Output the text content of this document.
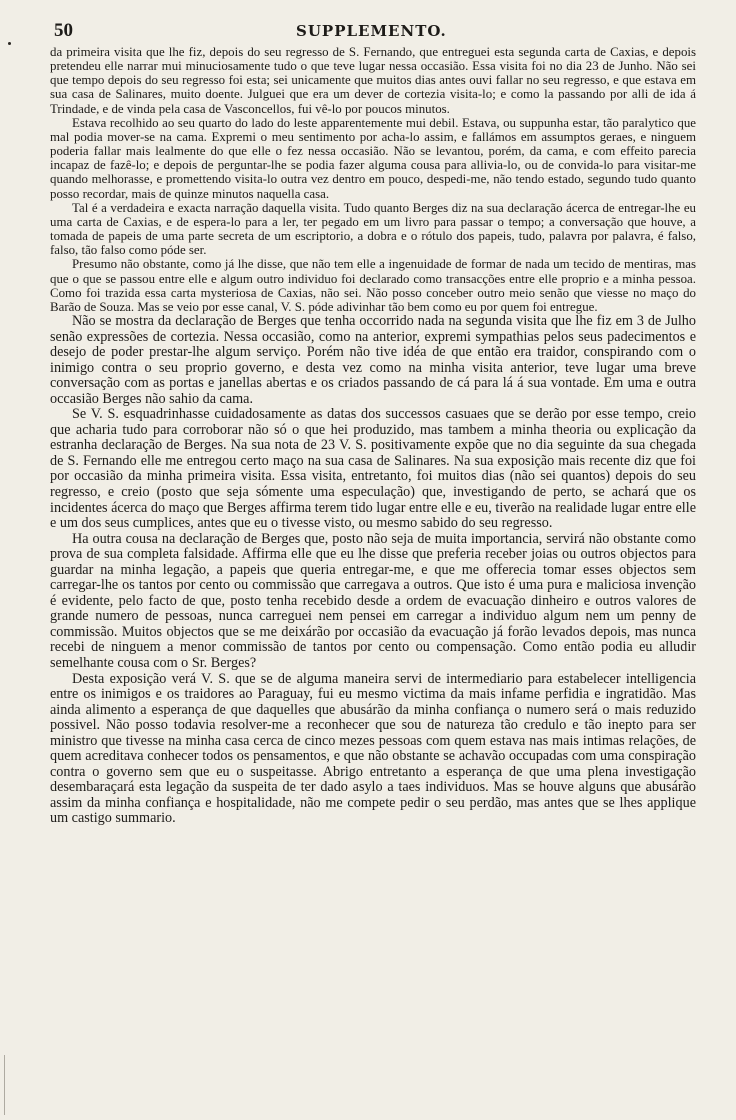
50	SUPPLEMENTO.

da primeira visita que lhe fiz, depois do seu regresso de S. Fernando, que entreguei esta segunda carta de Caxias, e depois pretendeu elle narrar mui minuciosamente tudo o que teve lugar nessa occasião. Essa visita foi no dia 23 de Junho. Não sei que tempo depois do seu regresso foi esta; sei unicamente que muitos dias antes ouvi fallar no seu regresso, e que estava em sua casa de Salinares, muito doente. Julguei que era um dever de cortezia visita-lo; e como la passando por alli de ida á Trindade, e de vinda pela casa de Vasconcellos, fui vê-lo por poucos minutos.

Estava recolhido ao seu quarto do lado do leste apparentemente mui debil. Estava, ou suppunha estar, tão paralytico que mal podia mover-se na cama. Expremi o meu sentimento por acha-lo assim, e fallámos em assumptos geraes, e ninguem poderia fallar mais lealmente do que elle o fez nessa occasião. Não se levantou, porém, da cama, e com effeito parecia incapaz de fazê-lo; e depois de perguntar-lhe se podia fazer alguma cousa para allivia-lo, ou de convida-lo para visitar-me quando melhorasse, e promettendo visita-lo outra vez dentro em pouco, despedi-me, não tendo estado, segundo tudo quanto posso recordar, mais de quinze minutos naquella casa.

Tal é a verdadeira e exacta narração daquella visita. Tudo quanto Berges diz na sua declaração ácerca de entregar-lhe eu uma carta de Caxias, e de espera-lo para a ler, ter pegado em um livro para passar o tempo; a conversação que houve, a tomada de papeis de uma parte secreta de um escriptorio, a dobra e o rótulo dos papeis, tudo, palavra por palavra, é falso, falso, tão falso como póde ser.

Presumo não obstante, como já lhe disse, que não tem elle a ingenuidade de formar de nada um tecido de mentiras, mas que o que se passou entre elle e algum outro individuo foi declarado como transacções entre elle proprio e a minha pessoa. Como foi trazida essa carta mysteriosa de Caxias, não sei. Não posso conceber outro meio senão que viesse no maço do Barão de Souza. Mas se veio por esse canal, V. S. póde adivinhar tão bem como eu por quem foi entregue.

Não se mostra da declaração de Berges que tenha occorrido nada na segunda visita que lhe fiz em 3 de Julho senão expressões de cortezia. Nessa occasião, como na anterior, expremi sympathias pelos seus padecimentos e desejo de poder prestar-lhe algum serviço. Porém não tive idéa de que então era traidor, conspirando com o inimigo contra o seu proprio governo, e desta vez como na minha visita anterior, teve lugar uma breve conversação com as portas e janellas abertas e os criados passando de cá para lá á sua vontade. Em uma e outra occasião Berges não sahio da cama.

Se V. S. esquadrinhasse cuidadosamente as datas dos successos casuaes que se derão por esse tempo, creio que acharia tudo para corroborar não só o que hei produzido, mas tambem a minha theoria ou explicação da estranha declaração de Berges. Na sua nota de 23 V. S. positivamente expõe que no dia seguinte da sua chegada de S. Fernando elle me entregou certo maço na sua casa de Salinares. Na sua exposição mais recente diz que foi por occasião da minha primeira visita. Essa visita, entretanto, foi muitos dias (não sei quantos) depois do seu regresso, e creio (posto que seja sómente uma especulação) que, investigando de perto, se achará que os incidentes ácerca do maço que Berges affirma terem tido lugar entre elle e eu, tiverão na realidade lugar entre elle e um dos seus cumplices, antes que eu o tivesse visto, ou mesmo sabido do seu regresso.

Ha outra cousa na declaração de Berges que, posto não seja de muita importancia, servirá não obstante como prova de sua completa falsidade. Affirma elle que eu lhe disse que preferia receber joias ou outros objectos para guardar na minha legação, a papeis que queria entregar-me, e que me offerecia tomar esses objectos sem carregar-lhe os tantos por cento ou commissão que carregava a outros. Que isto é uma pura e maliciosa invenção é evidente, pelo facto de que, posto tenha recebido desde a ordem de evacuação dinheiro e outros valores de grande numero de pessoas, nunca carreguei nem pensei em carregar a individuo algum nem um penny de commissão. Muitos objectos que se me deixárão por occasião da evacuação já forão levados depois, mas nunca recebi de ninguem a menor commissão de tantos por cento ou compensação. Como então podia eu alludir semelhante cousa com o Sr. Berges?

Desta exposição verá V. S. que se de alguma maneira servi de intermediario para estabelecer intelligencia entre os inimigos e os traidores ao Paraguay, fui eu mesmo victima da mais infame perfidia e ingratidão. Mas ainda alimento a esperança de que daquelles que abusárão da minha confiança o numero será o mais reduzido possivel. Não posso todavia resolver-me a reconhecer que sou de natureza tão credulo e tão inepto para ser ministro que tivesse na minha casa cerca de cinco mezes pessoas com quem estava nas mais intimas relações, de quem acreditava conhecer todos os pensamentos, e que não obstante se achavão occupadas com uma conspiração contra o governo sem que eu o suspeitasse. Abrigo entretanto a esperança de que uma plena investigação desembaraçará esta legação da suspeita de ter dado asylo a taes individuos. Mas se houve alguns que abusárão assim da minha confiança e hospitalidade, não me compete pedir o seu perdão, mas antes que se lhes applique um castigo summario.
